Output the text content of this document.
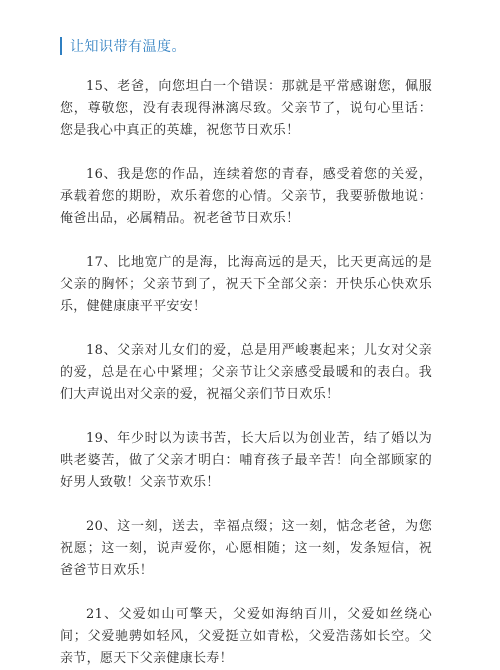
让知识带有温度。

15、老爸，向您坦白一个错误：那就是平常感谢您，佩服您，尊敬您，没有表现得淋漓尽致。父亲节了，说句心里话：您是我心中真正的英雄，祝您节日欢乐！

16、我是您的作品，连续着您的青春，感受着您的关爱，承载着您的期盼，欢乐着您的心情。父亲节，我要骄傲地说：俺爸出品，必属精品。祝老爸节日欢乐！

17、比地宽广的是海，比海高远的是天，比天更高远的是父亲的胸怀；父亲节到了，祝天下全部父亲：开快乐心快欢乐乐，健健康康平平安安！

18、父亲对儿女们的爱，总是用严峻裹起来；儿女对父亲的爱，总是在心中紧埋；父亲节让父亲感受最暖和的表白。我们大声说出对父亲的爱，祝福父亲们节日欢乐！

19、年少时以为读书苦，长大后以为创业苦，结了婚以为哄老婆苦，做了父亲才明白：哺育孩子最辛苦！向全部顾家的好男人致敬！父亲节欢乐！

20、这一刻，送去，幸福点缀；这一刻，惦念老爸，为您祝愿；这一刻，说声爱你，心愿相随；这一刻，发条短信，祝爸爸节日欢乐！

21、父爱如山可擎天，父爱如海纳百川，父爱如丝绕心间；父爱驰骋如轻风，父爱挺立如青松，父爱浩荡如长空。父亲节，愿天下父亲健康长寿！
